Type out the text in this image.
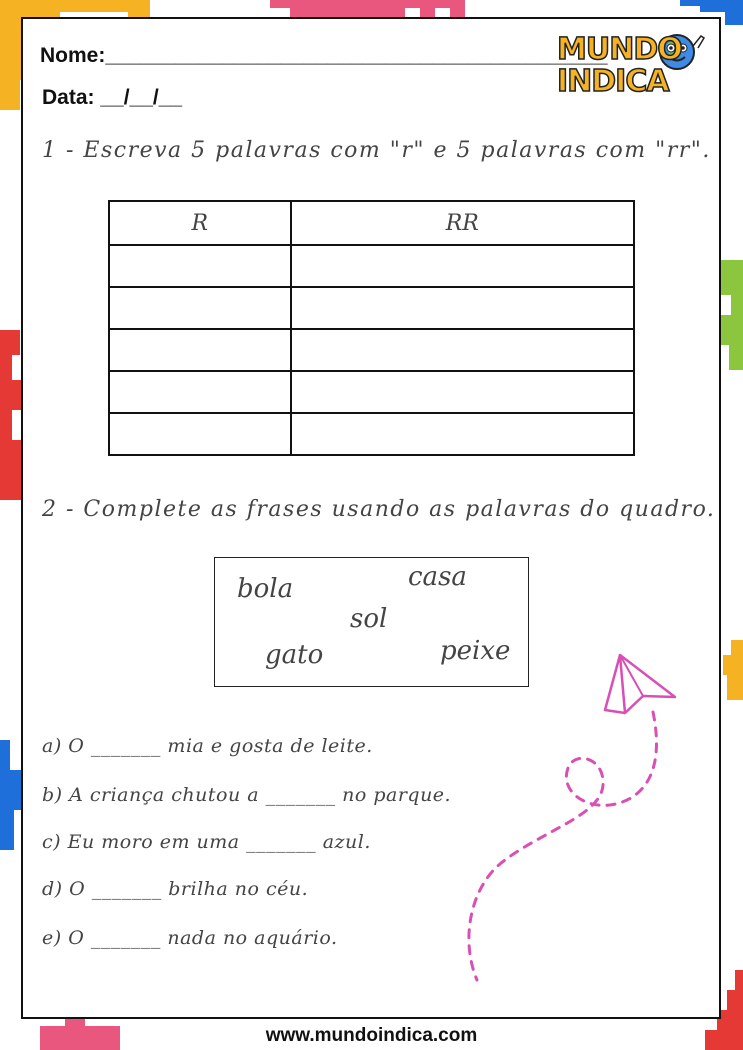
Nome:___________________________________________
Data: __/__/__
MUNDO
INDICA
1 - Escreva 5 palavras com "r" e 5 palavras com "rr".
R	RR

2 - Complete as frases usando as palavras do quadro.
bola	casa
sol
gato	peixe
a) O _______ mia e gosta de leite.
b) A criança chutou a _______ no parque.
c) Eu moro em uma _______ azul.
d) O _______ brilha no céu.
e) O _______ nada no aquário.
www.mundoindica.com
